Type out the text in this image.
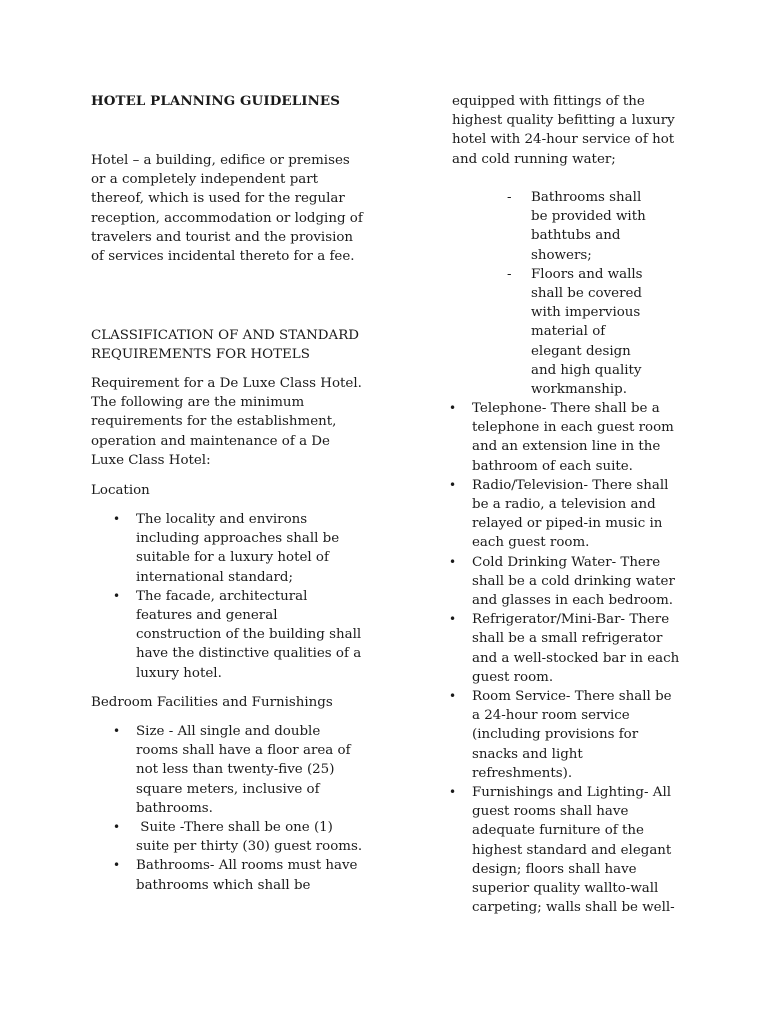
HOTEL PLANNING GUIDELINES

Hotel – a building, edifice or premises or a completely independent part thereof, which is used for the regular reception, accommodation or lodging of travelers and tourist and the provision of services incidental thereto for a fee.

CLASSIFICATION OF AND STANDARD REQUIREMENTS FOR HOTELS

Requirement for a De Luxe Class Hotel. The following are the minimum requirements for the establishment, operation and maintenance of a De Luxe Class Hotel:

Location

• The locality and environs including approaches shall be suitable for a luxury hotel of international standard;
• The facade, architectural features and general construction of the building shall have the distinctive qualities of a luxury hotel.

Bedroom Facilities and Furnishings

• Size - All single and double rooms shall have a floor area of not less than twenty-five (25) square meters, inclusive of bathrooms.
• Suite -There shall be one (1) suite per thirty (30) guest rooms.
• Bathrooms- All rooms must have bathrooms which shall be

equipped with fittings of the highest quality befitting a luxury hotel with 24-hour service of hot and cold running water;

- Bathrooms shall be provided with bathtubs and showers;
- Floors and walls shall be covered with impervious material of elegant design and high quality workmanship.
• Telephone- There shall be a telephone in each guest room and an extension line in the bathroom of each suite.
• Radio/Television- There shall be a radio, a television and relayed or piped-in music in each guest room.
• Cold Drinking Water- There shall be a cold drinking water and glasses in each bedroom.
• Refrigerator/Mini-Bar- There shall be a small refrigerator and a well-stocked bar in each guest room.
• Room Service- There shall be a 24-hour room service (including provisions for snacks and light refreshments).
• Furnishings and Lighting- All guest rooms shall have adequate furniture of the highest standard and elegant design; floors shall have superior quality wallto-wall carpeting; walls shall be well-
